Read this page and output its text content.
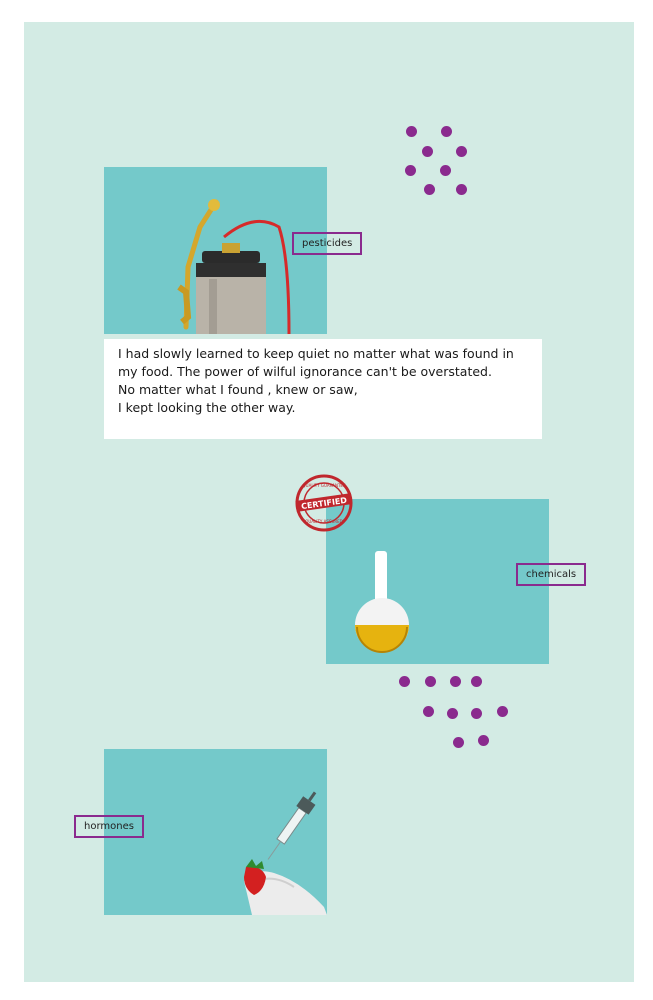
pesticides
I had slowly learned to keep quiet no matter what was found in
my food. The power of wilful ignorance can't be overstated.
No matter what I found , knew or saw,
I kept looking the other way.
chemicals
QUALITY GUARANTEE
QUALITY ASSURED
CERTIFIED
hormones
